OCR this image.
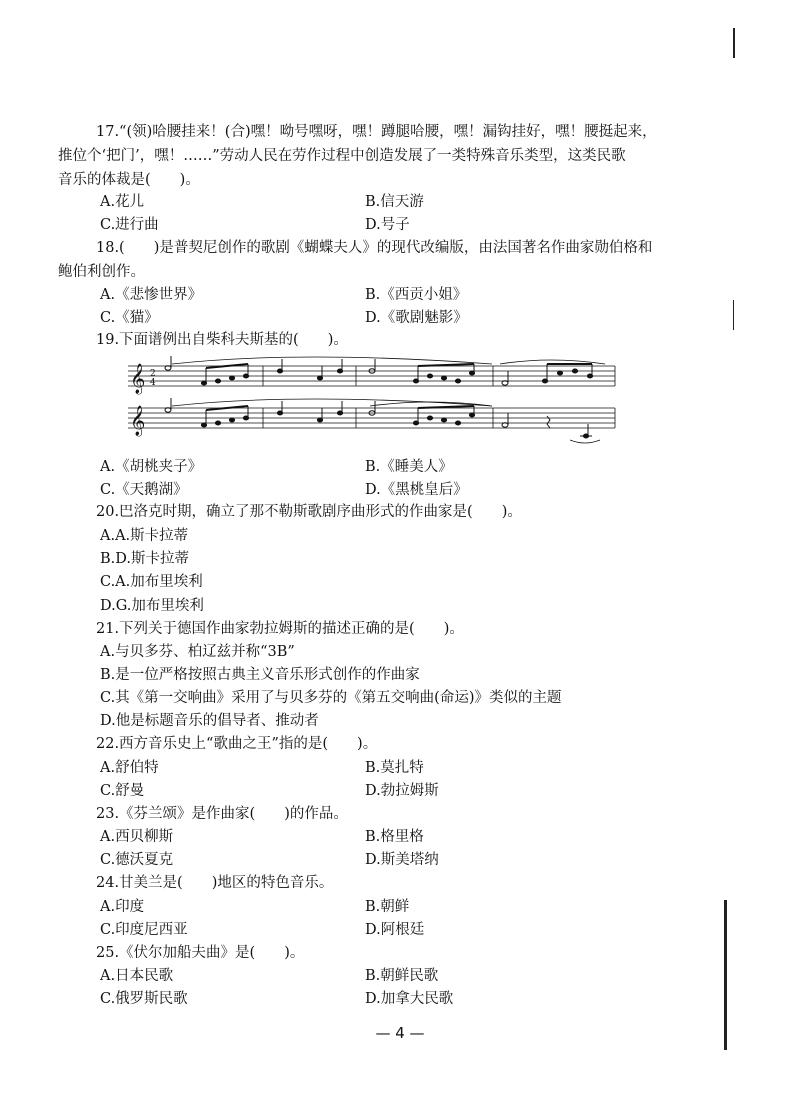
17.“(领)哈腰挂来！(合)嘿！呦号嘿呀，嘿！蹲腿哈腰，嘿！漏钩挂好，嘿！腰挺起来，
推位个‘把门’，嘿！……”劳动人民在劳作过程中创造发展了一类特殊音乐类型，这类民歌
音乐的体裁是(　　)。
A.花儿	B.信天游
C.进行曲	D.号子
18.(　　)是普契尼创作的歌剧《蝴蝶夫人》的现代改编版，由法国著名作曲家勋伯格和
鲍伯利创作。
A.《悲惨世界》	B.《西贡小姐》
C.《猫》	D.《歌剧魅影》
19.下面谱例出自柴科夫斯基的(　　)。
𝄞 2
4
𝄞
A.《胡桃夹子》	B.《睡美人》
C.《天鹅湖》	D.《黑桃皇后》
20.巴洛克时期，确立了那不勒斯歌剧序曲形式的作曲家是(　　)。
A.A.斯卡拉蒂
B.D.斯卡拉蒂
C.A.加布里埃利
D.G.加布里埃利
21.下列关于德国作曲家勃拉姆斯的描述正确的是(　　)。
A.与贝多芬、柏辽兹并称“3B”
B.是一位严格按照古典主义音乐形式创作的作曲家
C.其《第一交响曲》采用了与贝多芬的《第五交响曲(命运)》类似的主题
D.他是标题音乐的倡导者、推动者
22.西方音乐史上“歌曲之王”指的是(　　)。
A.舒伯特	B.莫扎特
C.舒曼	D.勃拉姆斯
23.《芬兰颂》是作曲家(　　)的作品。
A.西贝柳斯	B.格里格
C.德沃夏克	D.斯美塔纳
24.甘美兰是(　　)地区的特色音乐。
A.印度	B.朝鲜
C.印度尼西亚	D.阿根廷
25.《伏尔加船夫曲》是(　　)。
A.日本民歌	B.朝鲜民歌
C.俄罗斯民歌	D.加拿大民歌
— 4 —
